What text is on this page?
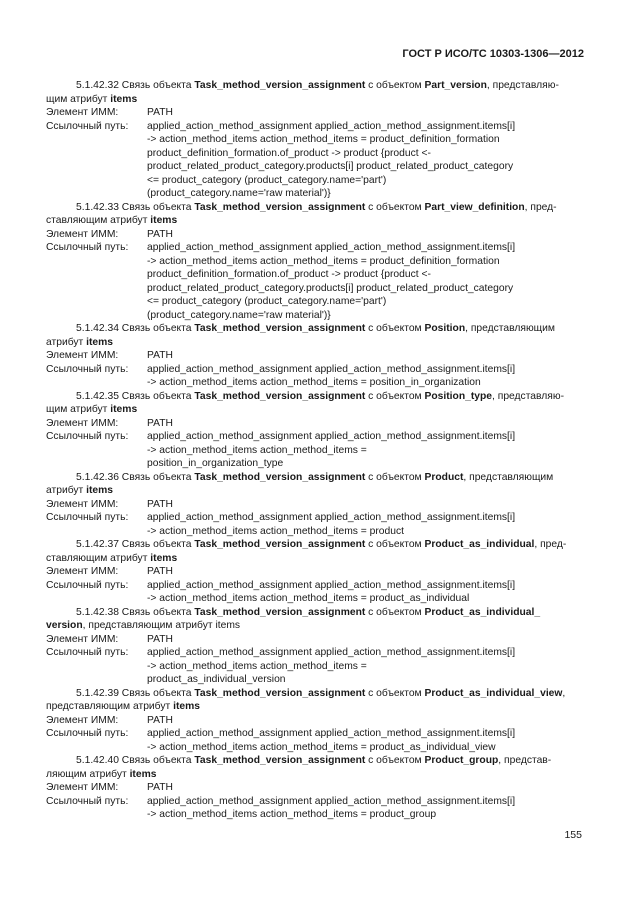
ГОСТ Р ИСО/ТС 10303-1306—2012
5.1.42.32 Связь объекта Task_method_version_assignment с объектом Part_version, представляю-
щим атрибут items
Элемент ИММ:	PATH
Ссылочный путь:	applied_action_method_assignment applied_action_method_assignment.items[i]
-> action_method_items action_method_items = product_definition_formation
product_definition_formation.of_product -> product {product <-
product_related_product_category.products[i] product_related_product_category
<= product_category (product_category.name='part')
(product_category.name='raw material')}
5.1.42.33 Связь объекта Task_method_version_assignment с объектом Part_view_definition, пред-
ставляющим атрибут items
Элемент ИММ:	PATH
Ссылочный путь:	applied_action_method_assignment applied_action_method_assignment.items[i]
-> action_method_items action_method_items = product_definition_formation
product_definition_formation.of_product -> product {product <-
product_related_product_category.products[i] product_related_product_category
<= product_category (product_category.name='part')
(product_category.name='raw material')}
5.1.42.34 Связь объекта Task_method_version_assignment с объектом Position, представляющим
атрибут items
Элемент ИММ:	PATH
Ссылочный путь:	applied_action_method_assignment applied_action_method_assignment.items[i]
-> action_method_items action_method_items = position_in_organization
5.1.42.35 Связь объекта Task_method_version_assignment с объектом Position_type, представляю-
щим атрибут items
Элемент ИММ:	PATH
Ссылочный путь:	applied_action_method_assignment applied_action_method_assignment.items[i]
-> action_method_items action_method_items =
position_in_organization_type
5.1.42.36 Связь объекта Task_method_version_assignment с объектом Product, представляющим
атрибут items
Элемент ИММ:	PATH
Ссылочный путь:	applied_action_method_assignment applied_action_method_assignment.items[i]
-> action_method_items action_method_items = product
5.1.42.37 Связь объекта Task_method_version_assignment с объектом Product_as_individual, пред-
ставляющим атрибут items
Элемент ИММ:	PATH
Ссылочный путь:	applied_action_method_assignment applied_action_method_assignment.items[i]
-> action_method_items action_method_items = product_as_individual
5.1.42.38 Связь объекта Task_method_version_assignment с объектом Product_as_individual_
version, представляющим атрибут items
Элемент ИММ:	PATH
Ссылочный путь:	applied_action_method_assignment applied_action_method_assignment.items[i]
-> action_method_items action_method_items =
product_as_individual_version
5.1.42.39 Связь объекта Task_method_version_assignment с объектом Product_as_individual_view,
представляющим атрибут items
Элемент ИММ:	PATH
Ссылочный путь:	applied_action_method_assignment applied_action_method_assignment.items[i]
-> action_method_items action_method_items = product_as_individual_view
5.1.42.40 Связь объекта Task_method_version_assignment с объектом Product_group, представ-
ляющим атрибут items
Элемент ИММ:	PATH
Ссылочный путь:	applied_action_method_assignment applied_action_method_assignment.items[i]
-> action_method_items action_method_items = product_group
155
